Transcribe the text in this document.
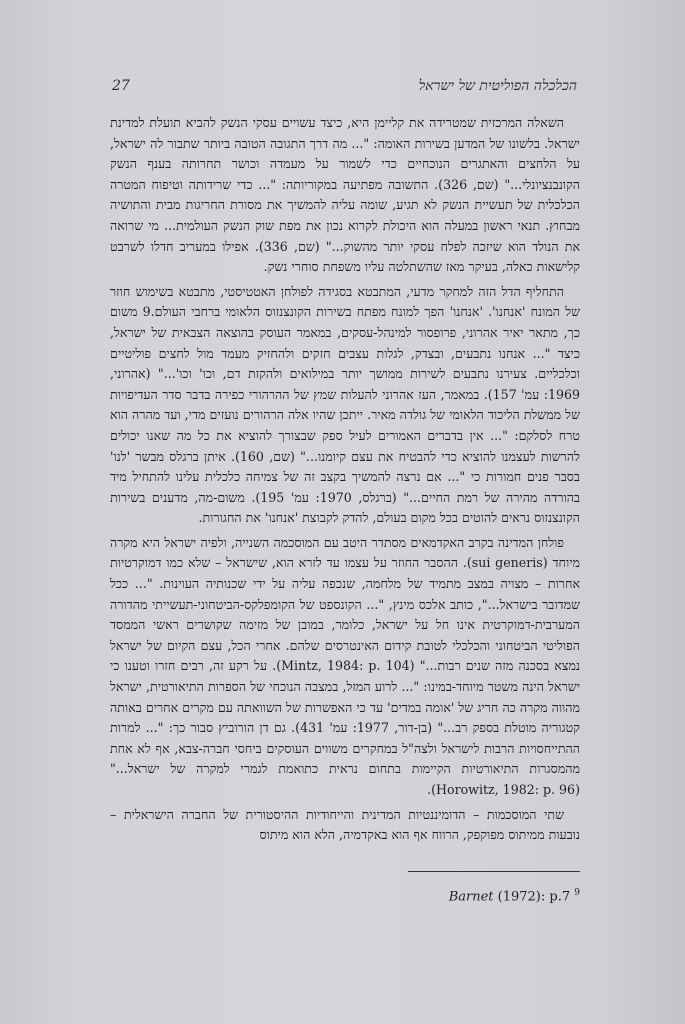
27	הכלכלה הפוליטית של ישראל

השאלה המרכזית שמטרידה את קליימן היא, כיצד עשויים עסקי הנשק להביא תועלת למדינת ישראל. בלשונו של המדען בשירות האומה: "... מה דרך התגובה הטובה ביותר שתבור לה ישראל, על הלחצים והאתגרים הנוכחיים כדי לשמור על מעמדה וכושר תחרותה בענף הנשק הקונבנציונלי..." (שם, 326). התשובה מפתיעה במקוריותה: "... כדי שרידותה וטיפוח המטרה הכלכלית של תעשיית הנשק לא תגיע, שומה עליה להמשיך את מסורת החריגות מבית והתושיה מבחוץ. תנאי ראשון במעלה הוא היכולת לקרוא נכון את מפת שוק הנשק העולמית... מי שרואה את הנולד הוא שיזכה לפלח עסקי יותר מהשוק..." (שם, 336). אפילו במעריב חדלו לשרבט קלישאות כאלה, בעיקר מאז שהשתלטה עליו משפחת סוחרי נשק.

התחליף הדל הזה למחקר מדעי, המתבטא בסגידה לפולחן האטטיסטי, מתבטא בשימוש חוזר של המונח 'אנחנו'. 'אנחנו' הפך למונח מפתח בשירות הקונצנזוס הלאומי ברחבי העולם.9 משום כך, מתאר יאיר אהרוני, פרופסור למינהל-עסקים, במאמר העוסק בהוצאה הצבאית של ישראל, כיצד "... אנחנו נתבעים, ובצדק, לגלות עצבים חזקים ולהחזיק מעמד מול לחצים פוליטיים וכלכליים. צעירנו נתבעים לשירות ממושך יותר במילואים ולהקזת דם, וכו' וכו'..." (אהרוני, 1969: עמ' 157). במאמר, העז אהרוני להעלות שמץ של ההרהורי כפירה בדבר סדר העדיפויות של ממשלת הליכוד הלאומי של גולדה מאיר. ייתכן שהיו אלה הרהורים נועזים מדי, ועד מהרה הוא טרח לסלקם: "... אין בדברים האמורים לעיל ספק שבצורך להוציא את כל מה שאנו יכולים להרשות לעצמנו להוציא כדי להבטיח את עצם קיומנו..." (שם, 160). איתן ברגלס מבשר 'לנו' בסבר פנים חמורות כי "... אם נרצה להמשיך בקצב זה של צמיחה כלכלית עלינו להתחיל מיד בהורדה מהירה של רמת החיים..." (ברגלס, 1970: עמ' 195). משום-מה, מדענים בשירות הקונצנזוס נראים להוטים בכל מקום בעולם, להדק לקבוצת 'אנחנו' את החגורות.

פולחן המדינה בקרב האקדמאים מסתדר היטב עם המוסכמה השנייה, ולפיה ישראל היא מקרה מיוחד (sui generis). ההסבר החוזר על עצמו עד לזרא הוא, שישראל – שלא כמו דמוקרטיות אחרות – מצויה במצב מתמיד של מלחמה, שנכפה עליה על ידי שכנותיה העוינות. "... ככל שמדובר בישראל...", כותב אלכס מינץ, "... הקונספט של הקומפלקס-הביטחוני-תעשייתי מהדורה המערבית-דמוקרטית אינו חל על ישראל, כלומר, במובן של מזימה שקושרים ראשי הממסד הפוליטי הביטחוני והכלכלי לטובת קידום האינטרסים שלהם. אחרי הכל, עצם הקיום של ישראל נמצא בסכנה מזה שנים רבות..." (Mintz, 1984: p. 104). על רקע זה, רבים חזרו וטענו כי ישראל הינה משטר מיוחד-במינו: "... לרוע המזל, במצבה הנוכחי של הספרות התיאורטית, ישראל מהווה מקרה כה חריג של 'אומה במדים' עד כי האפשרות של השוואתה עם מקרים אחרים באותה קטגוריה מוטלת בספק רב..." (בן-דור, 1977: עמ' 431). גם דן הורוביץ סבור כך: "... למרות ההתייחסויות הרבות לישראל ולצה"ל במחקרים משווים העוסקים ביחסי חברה-צבא, אף לא אחת מהמסגרות התיאורטיות הקיימות בתחום נראית כתואמת לגמרי למקרה של ישראל..." (Horowitz, 1982: p. 96).

שתי המוסכמות – הדומיננטיות המדינית והייחודיות ההיסטורית של החברה הישראלית – נובעות ממיתוס מפוקפק, הרווח אף הוא באקדמיה, הלא הוא מיתוס

Barnet (1972): p.7 $^9$
